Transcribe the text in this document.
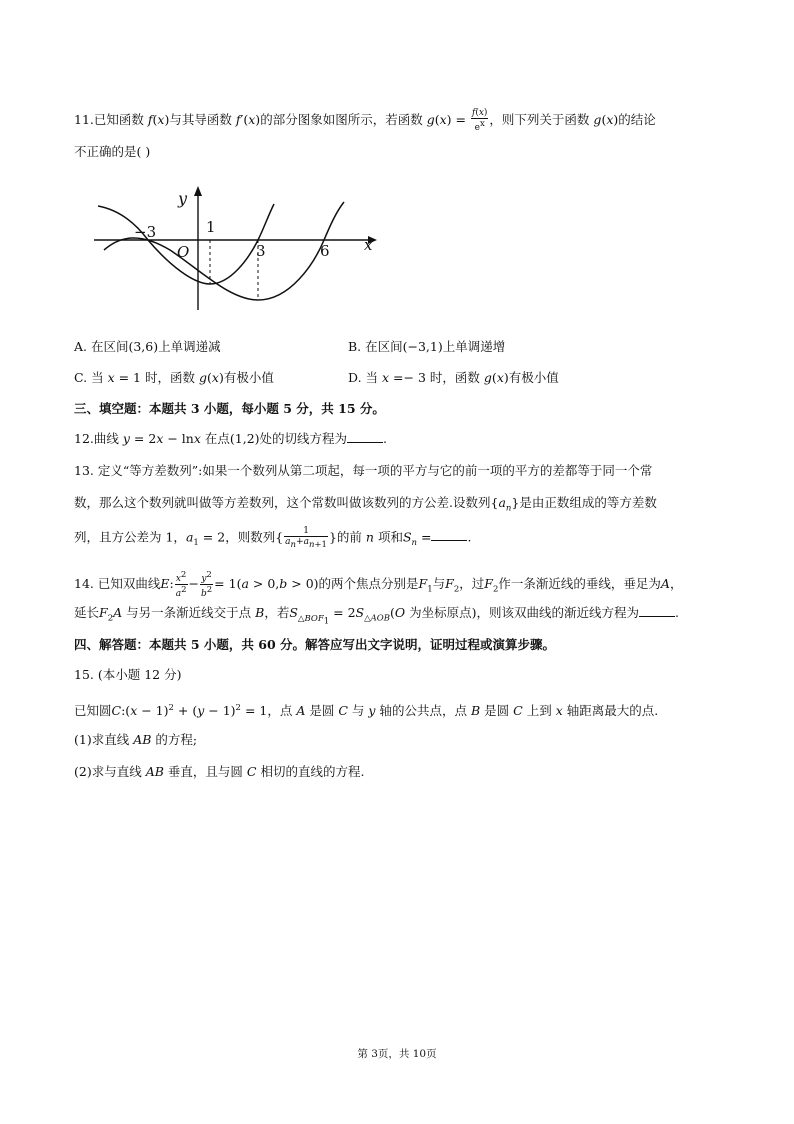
11.已知函数 f(x)与其导函数 f′(x)的部分图象如图所示，若函数 $g(x) = \frac{f(x)}{e^x}$ ，则下列关于函数 g(x)的结论
不正确的是( )
y
x
O
−3	1
3	6
A. 在区间(3,6)上单调递减	B. 在区间(−3,1)上单调递增
C. 当 x = 1 时，函数 g(x)有极小值	D. 当 x =− 3 时，函数 g(x)有极小值
三、填空题：本题共 3 小题，每小题 5 分，共 15 分。
12.曲线 y = 2x − lnx 在点(1,2)处的切线方程为	.
13. 定义“等方差数列”:如果一个数列从第二项起，每一项的平方与它的前一项的平方的差都等于同一个常
数，那么这个数列就叫做等方差数列，这个常数叫做该数列的方公差.设数列$\{a_n\}$是由正数组成的等方差数
列，且方公差为 1，$a_1 = 2$，则数列{ $\frac{1}{a_n+a_{n+1}}$ }的前 n 项和$S_n$ =	.
14. 已知双曲线E: $\frac{x^2}{a^2} - \frac{y^2}{b^2} = 1(a > 0,b > 0)$的两个焦点分别是$F_1$与$F_2$，过$F_2$作一条渐近线的垂线，垂足为A，
延长$F_2A$ 与另一条渐近线交于点 B，若$S_{\triangle BOF_1} = 2S_{\triangle AOB}(O$ 为坐标原点)，则该双曲线的渐近线方程为	.
四、解答题：本题共 5 小题，共 60 分。解答应写出文字说明，证明过程或演算步骤。
15. (本小题 12 分)
已知圆C:(x − $1)^2 + (y - 1)^2 = 1$，点 A 是圆 C 与 y 轴的公共点，点 B 是圆 C 上到 x 轴距离最大的点.
(1)求直线 AB 的方程;
(2)求与直线 AB 垂直，且与圆 C 相切的直线的方程.
第 3页，共 10页
